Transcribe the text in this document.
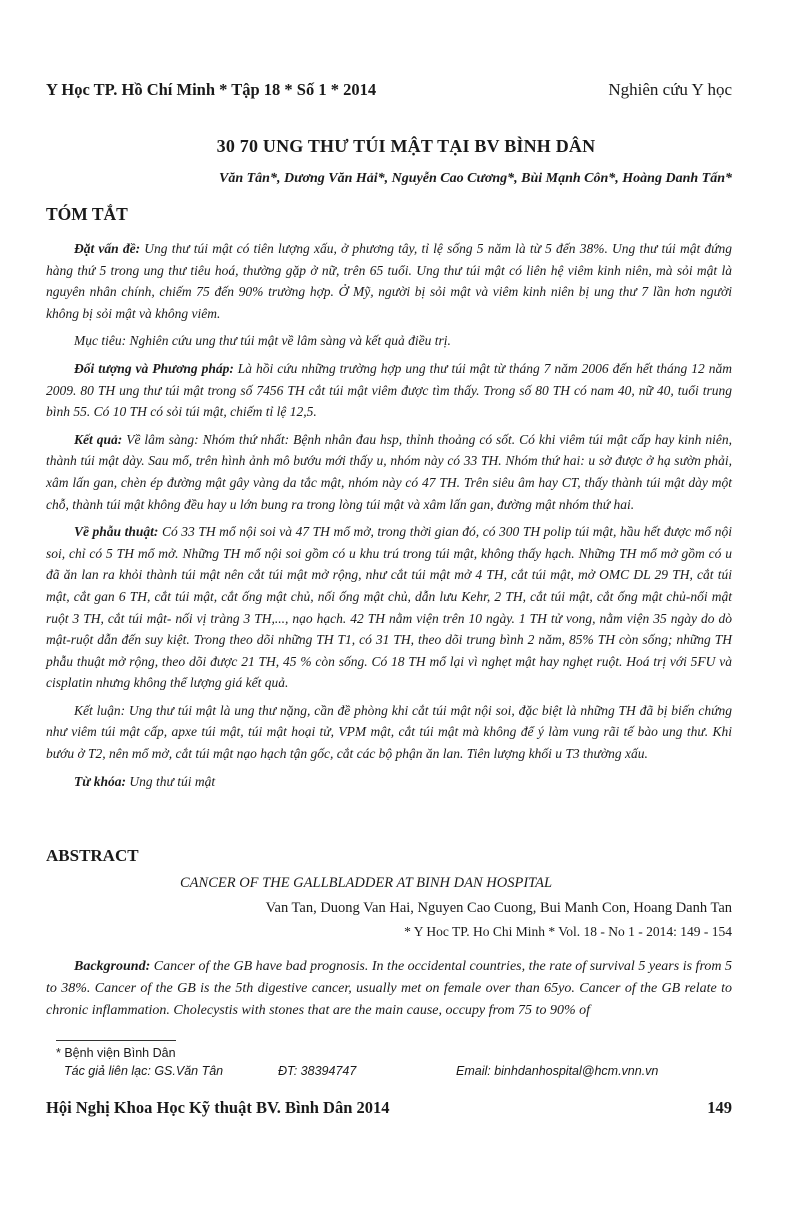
Y Học TP. Hồ Chí Minh * Tập 18 * Số 1 * 2014	Nghiên cứu Y học
30 70 UNG THƯ TÚI MẬT TẠI BV BÌNH DÂN
Văn Tân*, Dương Văn Hải*, Nguyễn Cao Cương*, Bùi Mạnh Côn*, Hoàng Danh Tấn*
TÓM TẮT

Đặt vấn đề: Ung thư túi mật có tiên lượng xấu, ở phương tây, tỉ lệ sống 5 năm là từ 5 đến 38%. Ung thư túi mật đứng hàng thứ 5 trong ung thư tiêu hoá, thường gặp ở nữ, trên 65 tuổi. Ung thư túi mật có liên hệ viêm kinh niên, mà sỏi mật là nguyên nhân chính, chiếm 75 đến 90% trường hợp. Ở Mỹ, người bị sỏi mật và viêm kinh niên bị ung thư 7 lần hơn người không bị sỏi mật và không viêm.

Mục tiêu: Nghiên cứu ung thư túi mật về lâm sàng và kết quả điều trị.

Đối tượng và Phương pháp: Là hồi cứu những trường hợp ung thư túi mật từ tháng 7 năm 2006 đến hết tháng 12 năm 2009. 80 TH ung thư túi mật trong số 7456 TH cắt túi mật viêm được tìm thấy. Trong số 80 TH có nam 40, nữ 40, tuổi trung bình 55. Có 10 TH có sỏi túi mật, chiếm tỉ lệ 12,5.

Kết quả: Về lâm sàng: Nhóm thứ nhất: Bệnh nhân đau hsp, thỉnh thoảng có sốt. Có khi viêm túi mật cấp hay kinh niên, thành túi mật dày. Sau mổ, trên hình ảnh mô bướu mới thấy u, nhóm này có 33 TH. Nhóm thứ hai: u sờ được ở hạ sườn phải, xâm lấn gan, chèn ép đường mật gây vàng da tắc mật, nhóm này có 47 TH. Trên siêu âm hay CT, thấy thành túi mật dày một chỗ, thành túi mật không đều hay u lớn bung ra trong lòng túi mật và xâm lấn gan, đường mật nhóm thứ hai.

Về phẫu thuật: Có 33 TH mổ nội soi và 47 TH mổ mở, trong thời gian đó, có 300 TH polip túi mật, hầu hết được mổ nội soi, chỉ có 5 TH mổ mở. Những TH mổ nội soi gồm có u khu trú trong túi mật, không thấy hạch. Những TH mổ mở gồm có u đã ăn lan ra khỏi thành túi mật nên cắt túi mật mở rộng, như cắt túi mật mở 4 TH, cắt túi mật, mở OMC DL 29 TH, cắt túi mật, cắt gan 6 TH, cắt túi mật, cắt ống mật chủ, nối ống mật chủ, dẫn lưu Kehr, 2 TH, cắt túi mật, cắt ống mật chủ-nối mật ruột 3 TH, cắt túi mật- nối vị tràng 3 TH,..., nạo hạch. 42 TH nằm viện trên 10 ngày. 1 TH tử vong, nằm viện 35 ngày do dò mật-ruột dẫn đến suy kiệt. Trong theo dõi những TH T1, có 31 TH, theo dõi trung bình 2 năm, 85% TH còn sống; những TH phẫu thuật mở rộng, theo dõi được 21 TH, 45 % còn sống. Có 18 TH mổ lại vì nghẹt mật hay nghẹt ruột. Hoá trị với 5FU và cisplatin nhưng không thể lượng giá kết quả.

Kết luận: Ung thư túi mật là ung thư nặng, cần đề phòng khi cắt túi mật nội soi, đặc biệt là những TH đã bị biến chứng như viêm túi mật cấp, apxe túi mật, túi mật hoại tử, VPM mật, cắt túi mật mà không để ý làm vung rãi tế bào ung thư. Khi bướu ở T2, nên mổ mở, cắt túi mật nạo hạch tận gốc, cắt các bộ phận ăn lan. Tiên lượng khối u T3 thường xấu.

Từ khóa: Ung thư túi mật

ABSTRACT
CANCER OF THE GALLBLADDER AT BINH DAN HOSPITAL
Van Tan, Duong Van Hai, Nguyen Cao Cuong, Bui Manh Con, Hoang Danh Tan
* Y Hoc TP. Ho Chi Minh * Vol. 18 - No 1 - 2014: 149 - 154

Background: Cancer of the GB have bad prognosis. In the occidental countries, the rate of survival 5 years is from 5 to 38%. Cancer of the GB is the 5th digestive cancer, usually met on female over than 65yo. Cancer of the GB relate to chronic inflammation. Cholecystis with stones that are the main cause, occupy from 75 to 90% of

* Bệnh viện Bình Dân
Tác giả liên lạc: GS.Văn Tân	ĐT: 38394747	Email: binhdanhospital@hcm.vnn.vn
Hội Nghị Khoa Học Kỹ thuật BV. Bình Dân 2014	149
